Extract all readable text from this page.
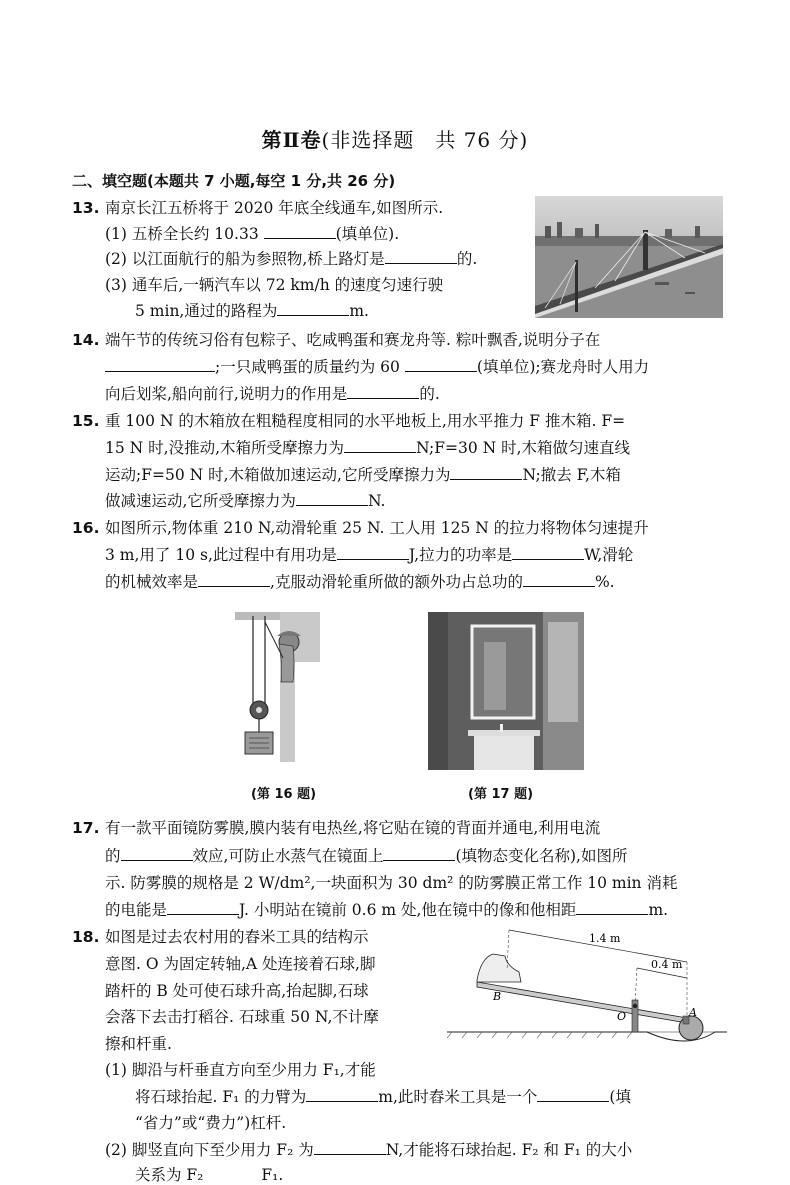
第Ⅱ卷(非选择题　共 76 分)
二、填空题(本题共 7 小题,每空 1 分,共 26 分)
13. 南京长江五桥将于 2020 年底全线通车,如图所示.
(1) 五桥全长约 10.33	(填单位).
(2) 以江面航行的船为参照物,桥上路灯是	的.
(3) 通车后,一辆汽车以 72 km/h 的速度匀速行驶
5 min,通过的路程为	m.
14. 端午节的传统习俗有包粽子、吃咸鸭蛋和赛龙舟等. 粽叶飘香,说明分子在
;一只咸鸭蛋的质量约为 60	(填单位);赛龙舟时人用力
向后划桨,船向前行,说明力的作用是	的.
15. 重 100 N 的木箱放在粗糙程度相同的水平地板上,用水平推力 F 推木箱. F=
15 N 时,没推动,木箱所受摩擦力为	N;F=30 N 时,木箱做匀速直线
运动;F=50 N 时,木箱做加速运动,它所受摩擦力为	N;撤去 F,木箱
做减速运动,它所受摩擦力为	N.
16. 如图所示,物体重 210 N,动滑轮重 25 N. 工人用 125 N 的拉力将物体匀速提升
3 m,用了 10 s,此过程中有用功是	J,拉力的功率是	W,滑轮
的机械效率是	,克服动滑轮重所做的额外功占总功的	%.
(第 16 题)	(第 17 题)
17. 有一款平面镜防雾膜,膜内装有电热丝,将它贴在镜的背面并通电,利用电流
的	效应,可防止水蒸气在镜面上	(填物态变化名称),如图所
示. 防雾膜的规格是 2 W/dm²,一块面积为 30 dm² 的防雾膜正常工作 10 min 消耗
的电能是	J. 小明站在镜前 0.6 m 处,他在镜中的像和他相距	m.
18. 如图是过去农村用的舂米工具的结构示
意图. O 为固定转轴,A 处连接着石球,脚
踏杆的 B 处可使石球升高,抬起脚,石球
会落下去击打稻谷. 石球重 50 N,不计摩
擦和杆重.
(1) 脚沿与杆垂直方向至少用力 F₁,才能
将石球抬起. F₁ 的力臂为	m,此时舂米工具是一个	(填
“省力”或“费力”)杠杆.
(2) 脚竖直向下至少用力 F₂ 为	N,才能将石球抬起. F₂ 和 F₁ 的大小
关系为 F₂	F₁.
1.4 m
0.4 m
B
O	A
